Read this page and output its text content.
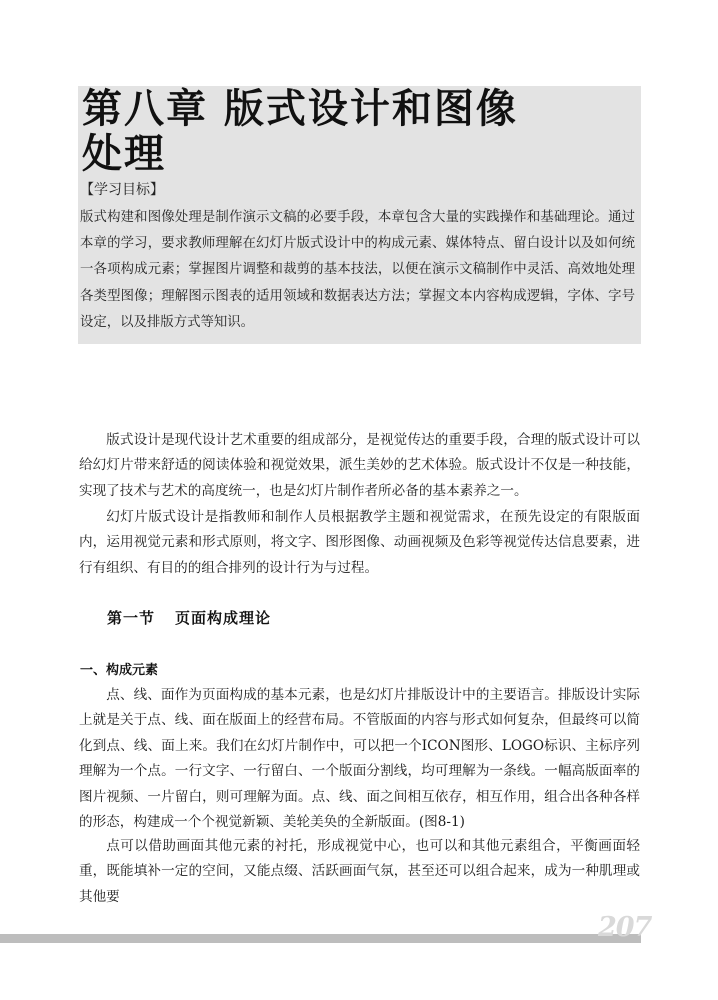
第八章 版式设计和图像
处理
【学习目标】

版式构建和图像处理是制作演示文稿的必要手段，本章包含大量的实践操作和基础理论。通过本章的学习，要求教师理解在幻灯片版式设计中的构成元素、媒体特点、留白设计以及如何统一各项构成元素；掌握图片调整和裁剪的基本技法，以便在演示文稿制作中灵活、高效地处理各类型图像；理解图示图表的适用领域和数据表达方法；掌握文本内容构成逻辑，字体、字号设定，以及排版方式等知识。

版式设计是现代设计艺术重要的组成部分，是视觉传达的重要手段，合理的版式设计可以给幻灯片带来舒适的阅读体验和视觉效果，派生美妙的艺术体验。版式设计不仅是一种技能，实现了技术与艺术的高度统一，也是幻灯片制作者所必备的基本素养之一。

幻灯片版式设计是指教师和制作人员根据教学主题和视觉需求，在预先设定的有限版面内，运用视觉元素和形式原则，将文字、图形图像、动画视频及色彩等视觉传达信息要素，进行有组织、有目的的组合排列的设计行为与过程。

第一节 页面构成理论
一、构成元素

点、线、面作为页面构成的基本元素，也是幻灯片排版设计中的主要语言。排版设计实际上就是关于点、线、面在版面上的经营布局。不管版面的内容与形式如何复杂，但最终可以简化到点、线、面上来。我们在幻灯片制作中，可以把一个ICON图形、LOGO标识、主标序列理解为一个点。一行文字、一行留白、一个版面分割线，均可理解为一条线。一幅高版面率的图片视频、一片留白，则可理解为面。点、线、面之间相互依存，相互作用，组合出各种各样的形态，构建成一个个视觉新颖、美轮美奂的全新版面。(图8-1)

点可以借助画面其他元素的衬托，形成视觉中心，也可以和其他元素组合，平衡画面轻重，既能填补一定的空间，又能点缀、活跃画面气氛，甚至还可以组合起来，成为一种肌理或其他要

207
